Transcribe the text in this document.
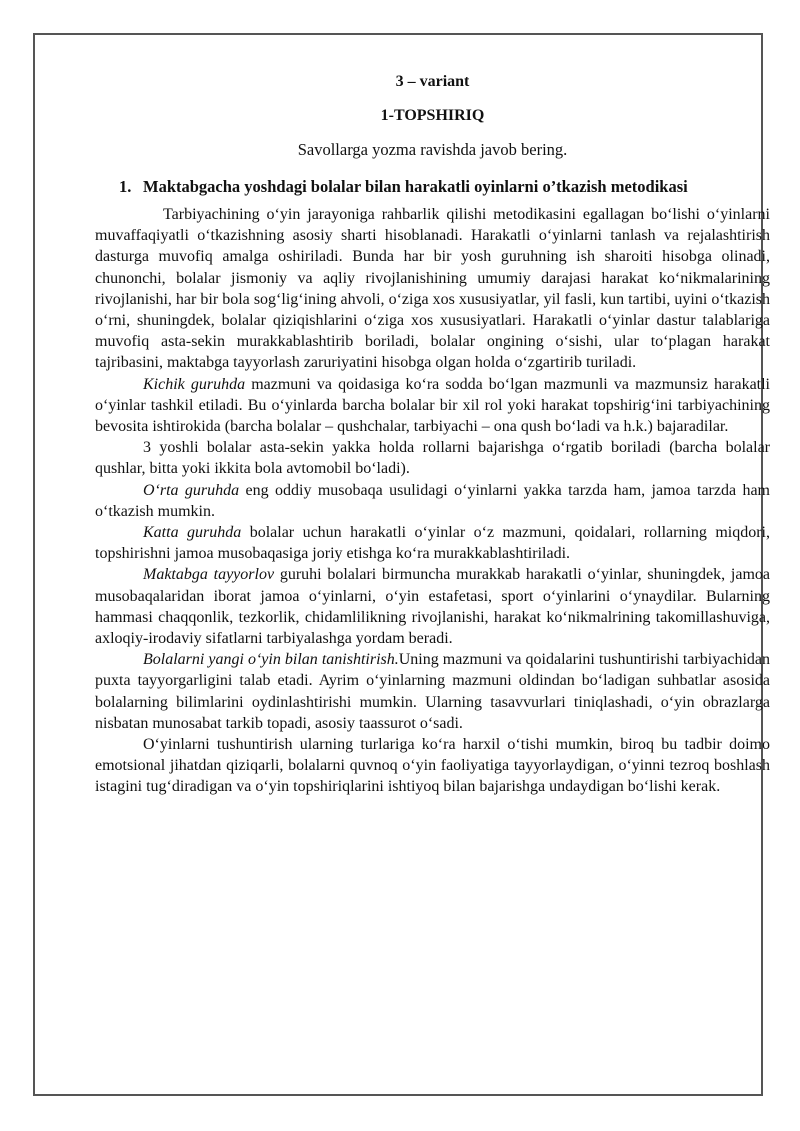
3 – variant

1-TOPSHIRIQ

Savollarga yozma ravishda javob bering.

1. Maktabgacha yoshdagi bolalar bilan harakatli oyinlarni o’tkazish metodikasi

Tarbiyachining o‘yin jarayoniga rahbarlik qilishi metodikasini egallagan bo‘lishi o‘yinlarni muvaffaqiyatli o‘tkazishning asosiy sharti hisoblanadi. Harakatli o‘yinlarni tanlash va rejalashtirish dasturga muvofiq amalga oshiriladi. Bunda har bir yosh guruhning ish sharoiti hisobga olinadi, chunonchi, bolalar jismoniy va aqliy rivojlanishining umumiy darajasi harakat ko‘nikmalarining rivojlanishi, har bir bola sog‘lig‘ining ahvoli, o‘ziga xos xususiyatlar, yil fasli, kun tartibi, uyini o‘tkazish o‘rni, shuningdek, bolalar qiziqishlarini o‘ziga xos xususiyatlari. Harakatli o‘yinlar dastur talablariga muvofiq asta-sekin murakkablashtirib boriladi, bolalar ongining o‘sishi, ular to‘plagan harakat tajribasini, maktabga tayyorlash zaruriyatini hisobga olgan holda o‘zgartirib turiladi.

Kichik guruhda mazmuni va qoidasiga ko‘ra sodda bo‘lgan mazmunli va mazmunsiz harakatli o‘yinlar tashkil etiladi. Bu o‘yinlarda barcha bolalar bir xil rol yoki harakat topshirig‘ini tarbiyachining bevosita ishtirokida (barcha bolalar – qushchalar, tarbiyachi – ona qush bo‘ladi va h.k.) bajaradilar.

3 yoshli bolalar asta-sekin yakka holda rollarni bajarishga o‘rgatib boriladi (barcha bolalar qushlar, bitta yoki ikkita bola avtomobil bo‘ladi).

O‘rta guruhda eng oddiy musobaqa usulidagi o‘yinlarni yakka tarzda ham, jamoa tarzda ham o‘tkazish mumkin.

Katta guruhda bolalar uchun harakatli o‘yinlar o‘z mazmuni, qoidalari, rollarning miqdori, topshirishni jamoa musobaqasiga joriy etishga ko‘ra murakkablashtiriladi.

Maktabga tayyorlov guruhi bolalari birmuncha murakkab harakatli o‘yinlar, shuningdek, jamoa musobaqalaridan iborat jamoa o‘yinlarni, o‘yin estafetasi, sport o‘yinlarini o‘ynaydilar. Bularning hammasi chaqqonlik, tezkorlik, chidamlilikning rivojlanishi, harakat ko‘nikmalrining takomillashuviga, axloqiy-irodaviy sifatlarni tarbiyalashga yordam beradi.

Bolalarni yangi o‘yin bilan tanishtirish.Uning mazmuni va qoidalarini tushuntirishi tarbiyachidan puxta tayyorgarligini talab etadi. Ayrim o‘yinlarning mazmuni oldindan bo‘ladigan suhbatlar asosida bolalarning bilimlarini oydinlashtirishi mumkin. Ularning tasavvurlari tiniqlashadi, o‘yin obrazlarga nisbatan munosabat tarkib topadi, asosiy taassurot o‘sadi.

O‘yinlarni tushuntirish ularning turlariga ko‘ra harxil o‘tishi mumkin, biroq bu tadbir doimo emotsional jihatdan qiziqarli, bolalarni quvnoq o‘yin faoliyatiga tayyorlaydigan, o‘yinni tezroq boshlash istagini tug‘diradigan va o‘yin topshiriqlarini ishtiyoq bilan bajarishga undaydigan bo‘lishi kerak.
